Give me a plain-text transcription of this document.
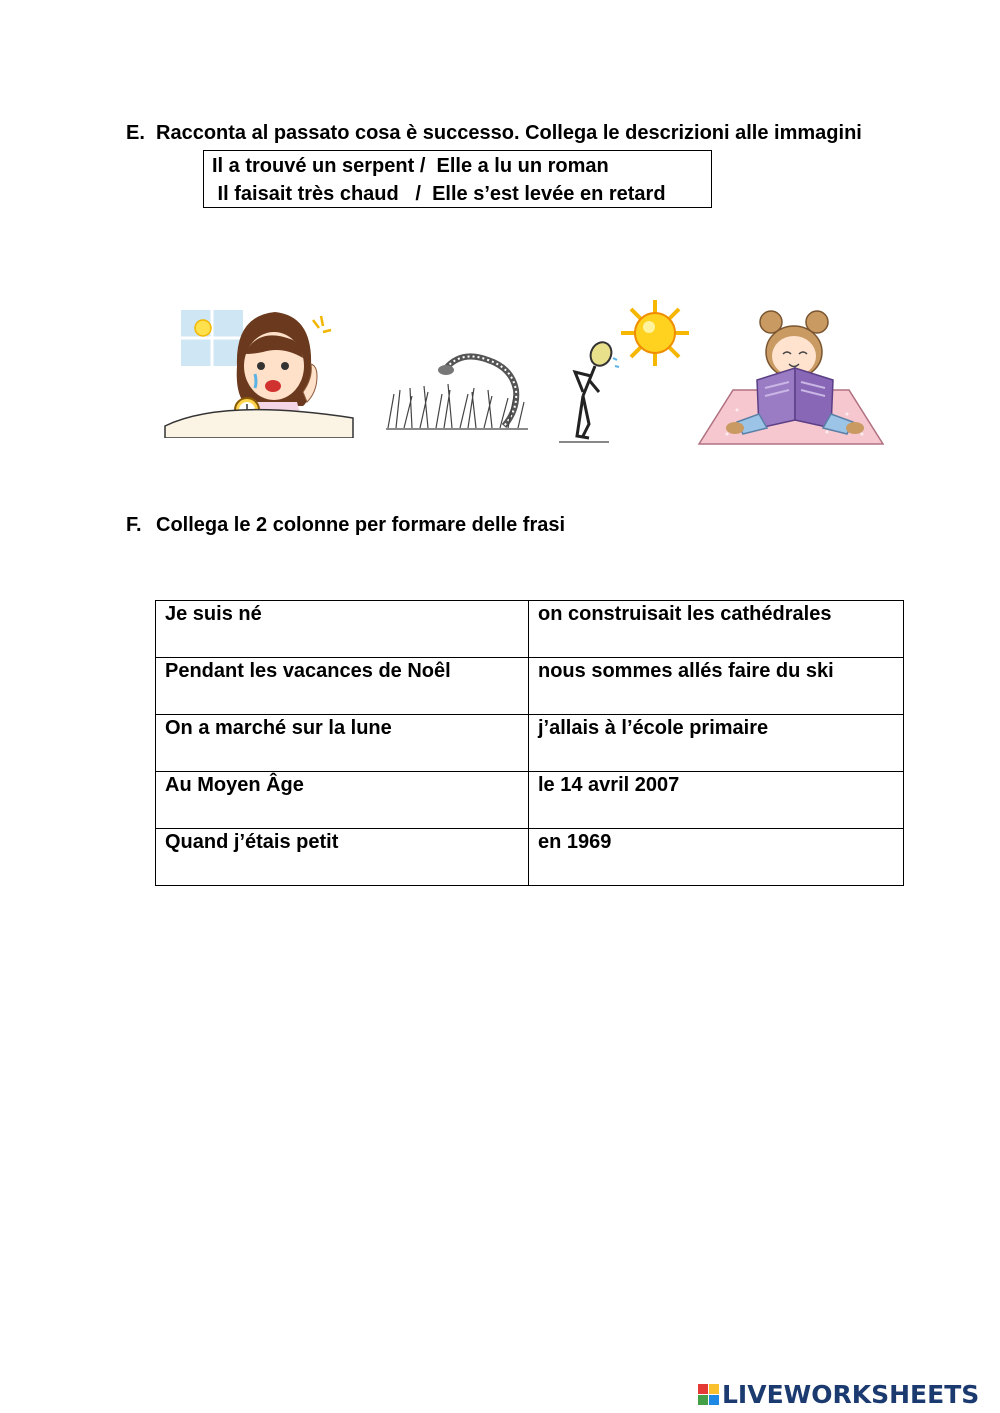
E. Racconta al passato cosa è successo. Collega le descrizioni alle immagini
Il a trouvé un serpent /  Elle a lu un roman
Il faisait très chaud   /  Elle s’est levée en retard
F. Collega le 2 colonne per formare delle frasi
Je suis né	on construisait les cathédrales
Pendant les vacances de Noêl	nous sommes allés faire du ski
On a marché sur la lune	j’allais à l’école primaire
Au Moyen Âge	le 14 avril 2007
Quand j’étais petit	en 1969
LIVEWORKSHEETS
